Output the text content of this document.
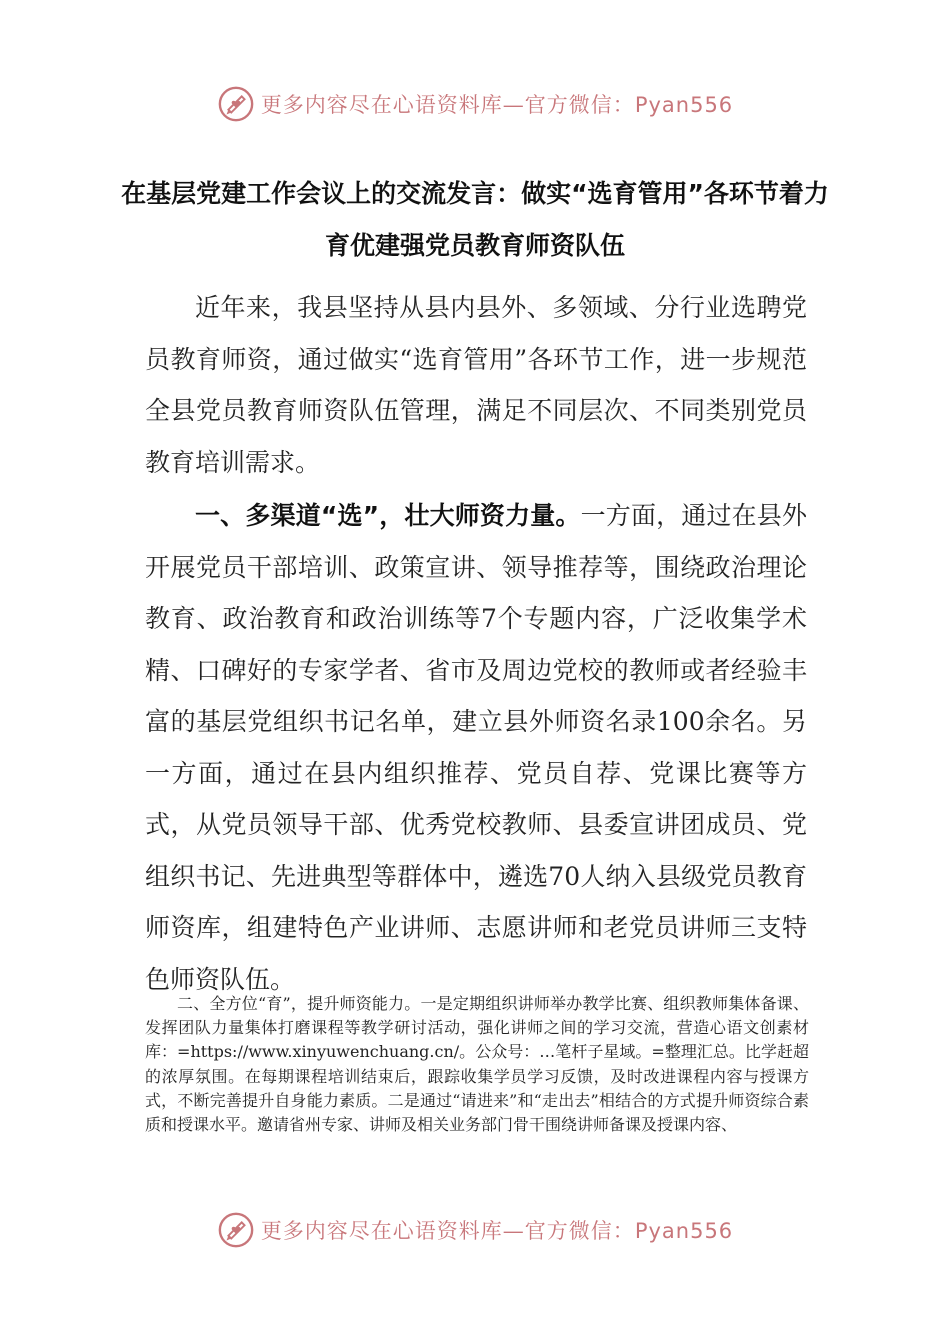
更多内容尽在心语资料库—官方微信：Pyan556
在基层党建工作会议上的交流发言：做实“选育管用”各环节着力育优建强党员教育师资队伍
近年来，我县坚持从县内县外、多领域、分行业选聘党员教育师资，通过做实“选育管用”各环节工作，进一步规范全县党员教育师资队伍管理，满足不同层次、不同类别党员教育培训需求。
一、多渠道“选”，壮大师资力量。一方面，通过在县外开展党员干部培训、政策宣讲、领导推荐等，围绕政治理论教育、政治教育和政治训练等7个专题内容，广泛收集学术精、口碑好的专家学者、省市及周边党校的教师或者经验丰富的基层党组织书记名单，建立县外师资名录100余名。另一方面，通过在县内组织推荐、党员自荐、党课比赛等方式，从党员领导干部、优秀党校教师、县委宣讲团成员、党组织书记、先进典型等群体中，遴选70人纳入县级党员教育师资库，组建特色产业讲师、志愿讲师和老党员讲师三支特色师资队伍。
二、全方位“育”，提升师资能力。一是定期组织讲师举办教学比赛、组织教师集体备课、发挥团队力量集体打磨课程等教学研讨活动，强化讲师之间的学习交流，营造心语文创素材库：=https://www.xinyuwenchuang.cn/。公众号：…笔杆子星域。=整理汇总。比学赶超的浓厚氛围。在每期课程培训结束后，跟踪收集学员学习反馈，及时改进课程内容与授课方式，不断完善提升自身能力素质。二是通过“请进来”和“走出去”相结合的方式提升师资综合素质和授课水平。邀请省州专家、讲师及相关业务部门骨干围绕讲师备课及授课内容、
更多内容尽在心语资料库—官方微信：Pyan556
